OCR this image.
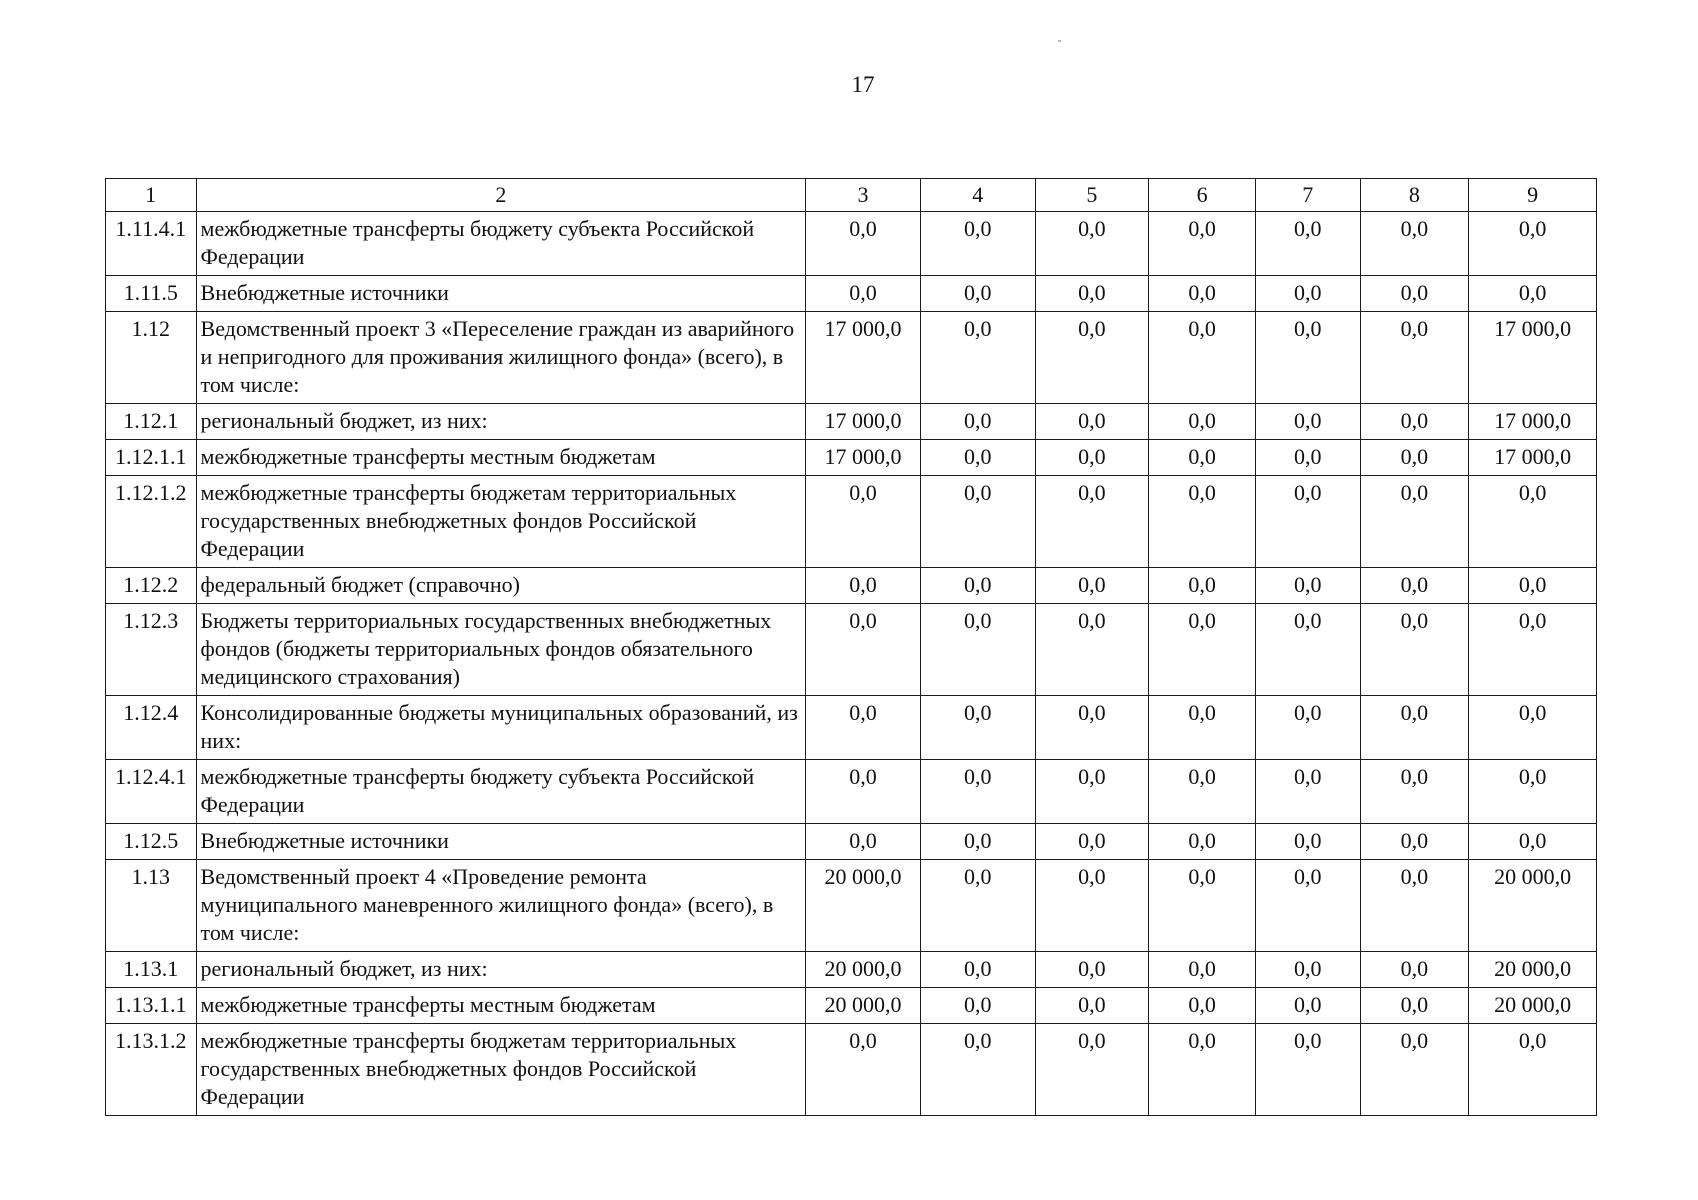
17
1	2	3	4	5	6	7	8	9
1.11.4.1	межбюджетные трансферты бюджету субъекта Российской Федерации	0,0	0,0	0,0	0,0	0,0	0,0	0,0
1.11.5	Внебюджетные источники	0,0	0,0	0,0	0,0	0,0	0,0	0,0
1.12	Ведомственный проект 3 «Переселение граждан из аварийного и непригодного для проживания жилищного фонда» (всего), в том числе:	17 000,0	0,0	0,0	0,0	0,0	0,0	17 000,0
1.12.1	региональный бюджет, из них:	17 000,0	0,0	0,0	0,0	0,0	0,0	17 000,0
1.12.1.1	межбюджетные трансферты местным бюджетам	17 000,0	0,0	0,0	0,0	0,0	0,0	17 000,0
1.12.1.2	межбюджетные трансферты бюджетам территориальных государственных внебюджетных фондов Российской Федерации	0,0	0,0	0,0	0,0	0,0	0,0	0,0
1.12.2	федеральный бюджет (справочно)	0,0	0,0	0,0	0,0	0,0	0,0	0,0
1.12.3	Бюджеты территориальных государственных внебюджетных фондов (бюджеты территориальных фондов обязательного медицинского страхования)	0,0	0,0	0,0	0,0	0,0	0,0	0,0
1.12.4	Консолидированные бюджеты муниципальных образований, из них:	0,0	0,0	0,0	0,0	0,0	0,0	0,0
1.12.4.1	межбюджетные трансферты бюджету субъекта Российской Федерации	0,0	0,0	0,0	0,0	0,0	0,0	0,0
1.12.5	Внебюджетные источники	0,0	0,0	0,0	0,0	0,0	0,0	0,0
1.13	Ведомственный проект 4 «Проведение ремонта муниципального маневренного жилищного фонда» (всего), в том числе:	20 000,0	0,0	0,0	0,0	0,0	0,0	20 000,0
1.13.1	региональный бюджет, из них:	20 000,0	0,0	0,0	0,0	0,0	0,0	20 000,0
1.13.1.1	межбюджетные трансферты местным бюджетам	20 000,0	0,0	0,0	0,0	0,0	0,0	20 000,0
1.13.1.2	межбюджетные трансферты бюджетам территориальных государственных внебюджетных фондов Российской Федерации	0,0	0,0	0,0	0,0	0,0	0,0	0,0
